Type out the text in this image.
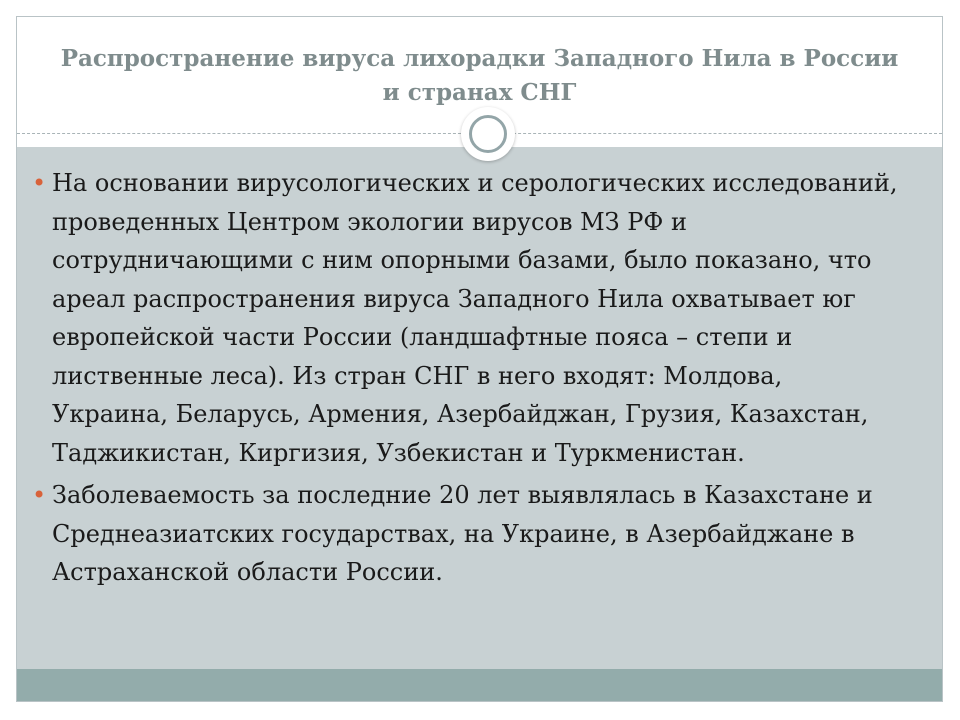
Распространение вируса лихорадки Западного Нила в России и странах СНГ
• На основании вирусологических и серологических исследований, проведенных Центром экологии вирусов МЗ РФ и сотрудничающими с ним опорными базами, было показано, что ареал распространения вируса Западного Нила охватывает юг европейской части России (ландшафтные пояса – степи и лиственные леса). Из стран СНГ в него входят: Молдова, Украина, Беларусь, Армения, Азербайджан, Грузия, Казахстан, Таджикистан, Киргизия, Узбекистан и Туркменистан.
• Заболеваемость за последние 20 лет выявлялась в Казахстане и Среднеазиатских государствах, на Украине, в Азербайджане в Астраханской области России.
